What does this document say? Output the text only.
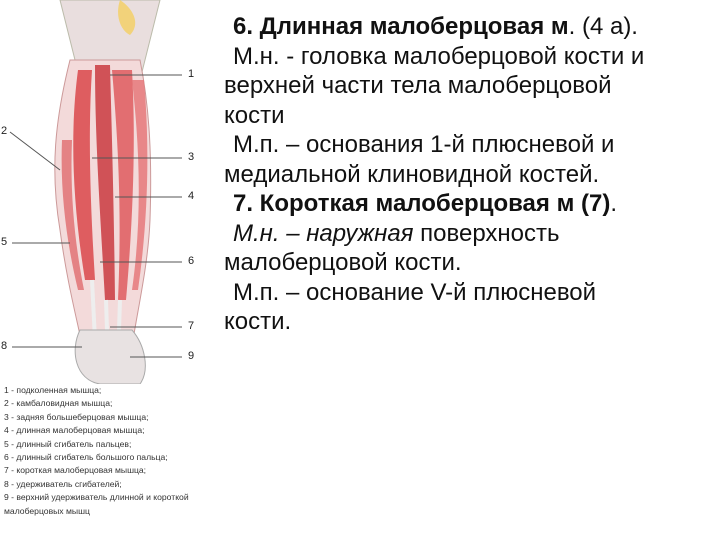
1
2
3
4
5
6
7
8
9
1 - подколенная мышца;
2 - камбаловидная мышца;
3 - задняя большеберцовая мышца;
4 - длинная малоберцовая мышца;
5 - длинный сгибатель пальцев;
6 - длинный сгибатель большого пальца;
7 - короткая малоберцовая мышца;
8 - удерживатель сгибателей;
9 - верхний удерживатель длинной и короткой
малоберцовых мышц
6. Длинная малоберцовая м. (4 а).
М.н. - головка малоберцовой кости и
верхней части тела малоберцовой
кости
М.п. – основания 1-й плюсневой и
медиальной клиновидной костей.
7. Короткая малоберцовая м (7).
М.н. – наружная поверхность
малоберцовой кости.
М.п. – основание V-й плюсневой
кости.
